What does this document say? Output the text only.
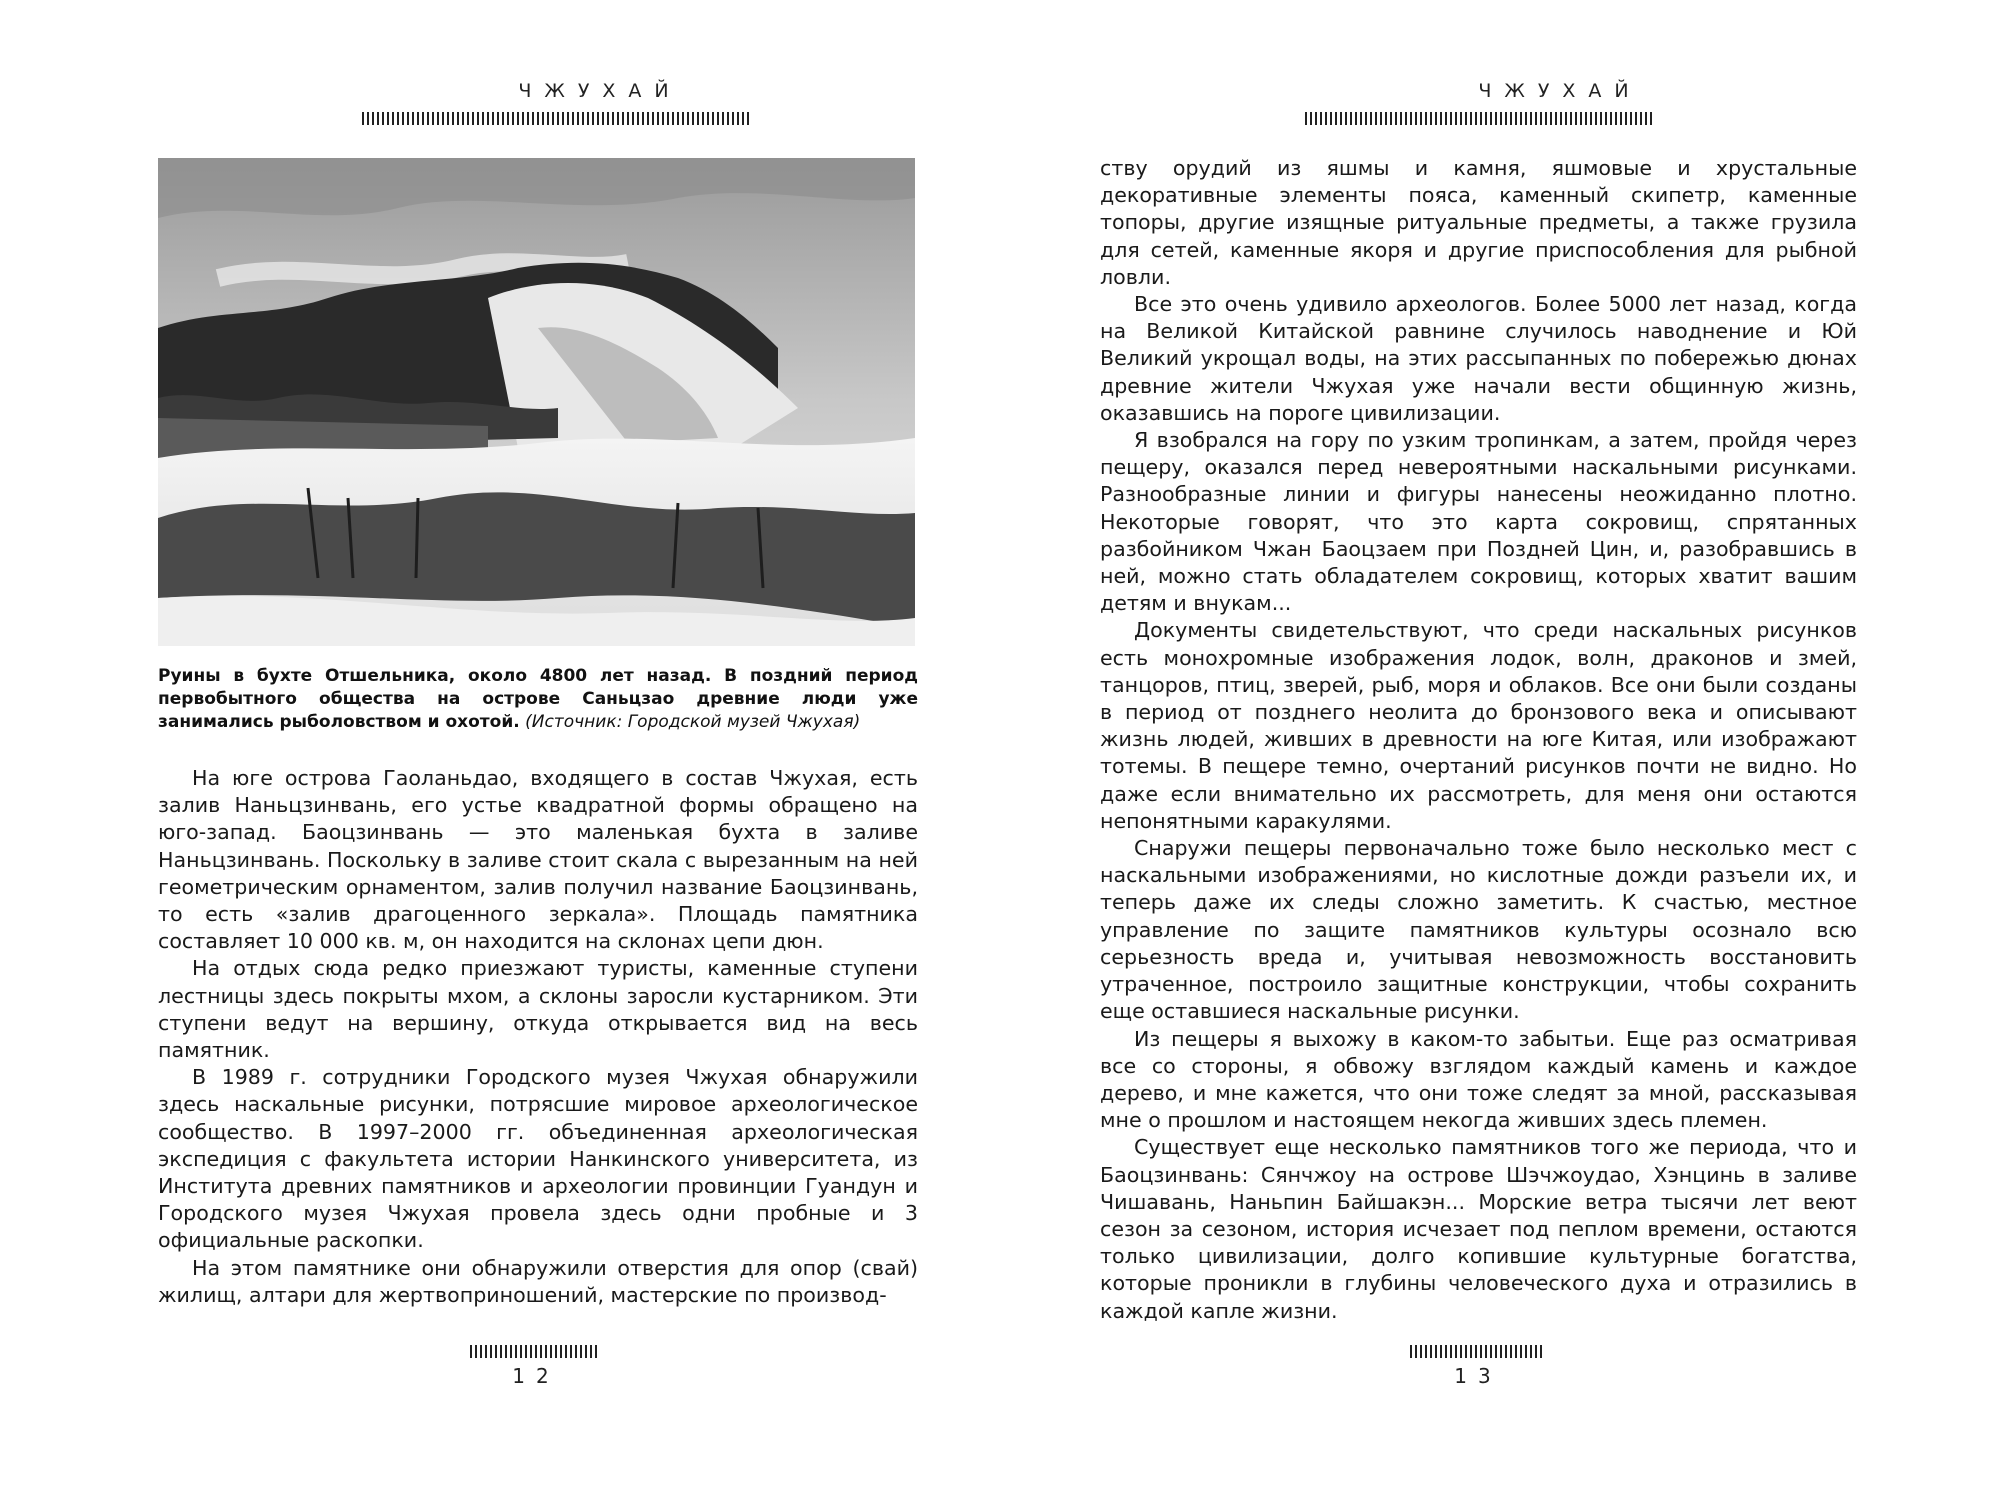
ЧЖУХАЙ
Руины в бухте Отшельника, около 4800 лет назад. В поздний период первобытного общества на острове Саньцзао древние люди уже занимались рыболовством и охотой. (Источник: Городской музей Чжухая)

На юге острова Гаоланьдао, входящего в состав Чжухая, есть залив Наньцзинвань, его устье квадратной формы обращено на юго-запад. Баоцзинвань — это маленькая бухта в заливе Наньцзинвань. Поскольку в заливе стоит скала с вырезанным на ней геометрическим орнаментом, залив получил название Баоцзинвань, то есть «залив драгоценного зеркала». Площадь памятника составляет 10 000 кв. м, он находится на склонах цепи дюн.

На отдых сюда редко приезжают туристы, каменные ступени лестницы здесь покрыты мхом, а склоны заросли кустарником. Эти ступени ведут на вершину, откуда открывается вид на весь памятник.

В 1989 г. сотрудники Городского музея Чжухая обнаружили здесь наскальные рисунки, потрясшие мировое археологическое сообщество. В 1997–2000 гг. объединенная археологическая экспедиция с факультета истории Нанкинского университета, из Института древних памятников и археологии провинции Гуандун и Городского музея Чжухая провела здесь одни пробные и 3 официальные раскопки.

На этом памятнике они обнаружили отверстия для опор (свай) жилищ, алтари для жертвоприношений, мастерские по производ-

12
ЧЖУХАЙ

ству орудий из яшмы и камня, яшмовые и хрустальные декоративные элементы пояса, каменный скипетр, каменные топоры, другие изящные ритуальные предметы, а также грузила для сетей, каменные якоря и другие приспособления для рыбной ловли.

Все это очень удивило археологов. Более 5000 лет назад, когда на Великой Китайской равнине случилось наводнение и Юй Великий укрощал воды, на этих рассыпанных по побережью дюнах древние жители Чжухая уже начали вести общинную жизнь, оказавшись на пороге цивилизации.

Я взобрался на гору по узким тропинкам, а затем, пройдя через пещеру, оказался перед невероятными наскальными рисунками. Разнообразные линии и фигуры нанесены неожиданно плотно. Некоторые говорят, что это карта сокровищ, спрятанных разбойником Чжан Баоцзаем при Поздней Цин, и, разобравшись в ней, можно стать обладателем сокровищ, которых хватит вашим детям и внукам...

Документы свидетельствуют, что среди наскальных рисунков есть монохромные изображения лодок, волн, драконов и змей, танцоров, птиц, зверей, рыб, моря и облаков. Все они были созданы в период от позднего неолита до бронзового века и описывают жизнь людей, живших в древности на юге Китая, или изображают тотемы. В пещере темно, очертаний рисунков почти не видно. Но даже если внимательно их рассмотреть, для меня они остаются непонятными каракулями.

Снаружи пещеры первоначально тоже было несколько мест с наскальными изображениями, но кислотные дожди разъели их, и теперь даже их следы сложно заметить. К счастью, местное управление по защите памятников культуры осознало всю серьезность вреда и, учитывая невозможность восстановить утраченное, построило защитные конструкции, чтобы сохранить еще оставшиеся наскальные рисунки.

Из пещеры я выхожу в каком-то забытьи. Еще раз осматривая все со стороны, я обвожу взглядом каждый камень и каждое дерево, и мне кажется, что они тоже следят за мной, рассказывая мне о прошлом и настоящем некогда живших здесь племен.

Существует еще несколько памятников того же периода, что и Баоцзинвань: Сянчжоу на острове Шэчжоудао, Хэнцинь в заливе Чишавань, Наньпин Байшакэн... Морские ветра тысячи лет веют сезон за сезоном, история исчезает под пеплом времени, остаются только цивилизации, долго копившие культурные богатства, которые проникли в глубины человеческого духа и отразились в каждой капле жизни.

13
